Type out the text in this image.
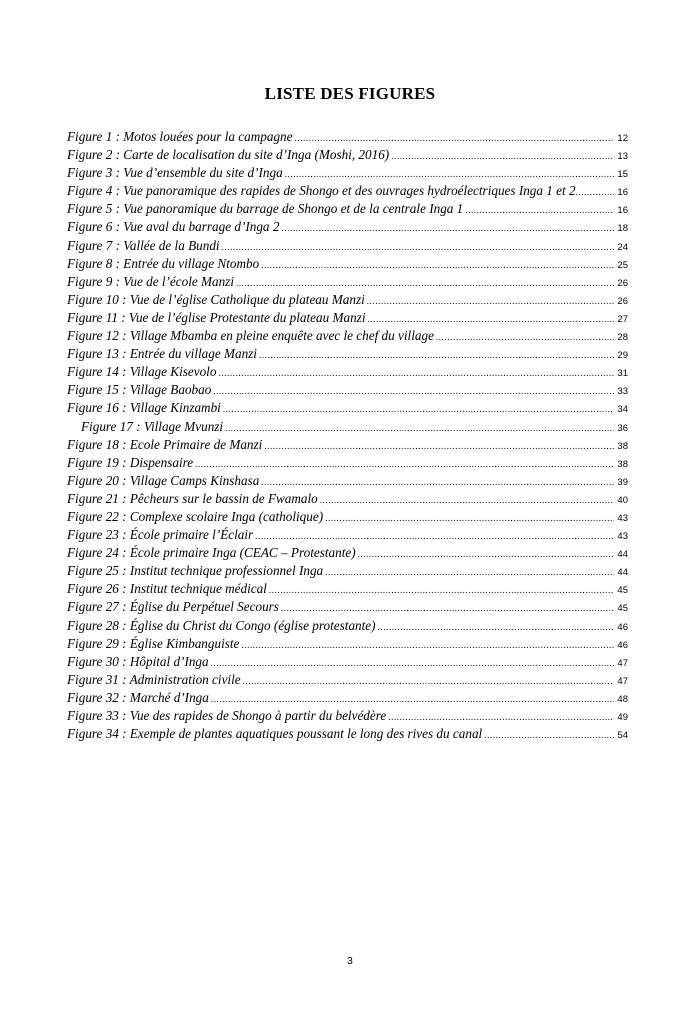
LISTE DES FIGURES
Figure 1 : Motos louées pour la campagne .....	12
Figure 2 : Carte de localisation du site d’Inga (Moshi, 2016) .....	13
Figure 3 : Vue d’ensemble du site d’Inga .....	15
Figure 4 : Vue panoramique des rapides de Shongo et des ouvrages hydroélectriques Inga 1 et 2 .....	16
Figure 5 : Vue panoramique du barrage de Shongo et de la centrale Inga 1 .....	16
Figure 6 : Vue aval du barrage d’Inga 2 .....	18
Figure 7 : Vallée de la Bundi .....	24
Figure 8 : Entrée du village Ntombo .....	25
Figure 9 : Vue de l’école Manzi .....	26
Figure 10 : Vue de l’église Catholique du plateau Manzi .....	26
Figure 11 : Vue de l’église Protestante du plateau Manzi .....	27
Figure 12 : Village Mbamba en pleine enquête avec le chef du village .....	28
Figure 13 : Entrée du village Manzi .....	29
Figure 14 : Village Kisevolo .....	31
Figure 15 : Village Baobao .....	33
Figure 16 : Village Kinzambi .....	34
Figure 17 : Village Mvunzi .....	36
Figure 18 : Ecole Primaire de Manzi .....	38
Figure 19 : Dispensaire .....	38
Figure 20 : Village Camps Kinshasa .....	39
Figure 21 : Pêcheurs sur le bassin de Fwamalo .....	40
Figure 22 : Complexe scolaire Inga (catholique) .....	43
Figure 23 : École primaire l’Éclair .....	43
Figure 24 : École primaire Inga (CEAC – Protestante) .....	44
Figure 25 : Institut technique professionnel Inga .....	44
Figure 26 : Institut technique médical .....	45
Figure 27 : Église du Perpétuel Secours .....	45
Figure 28 : Église du Christ du Congo (église protestante) .....	46
Figure 29 : Église Kimbanguiste .....	46
Figure 30 : Hôpital d’Inga .....	47
Figure 31 : Administration civile .....	47
Figure 32 : Marché d’Inga .....	48
Figure 33 : Vue des rapides de Shongo à partir du belvédère .....	49
Figure 34 : Exemple de plantes aquatiques poussant le long des rives du canal .....	54
3
